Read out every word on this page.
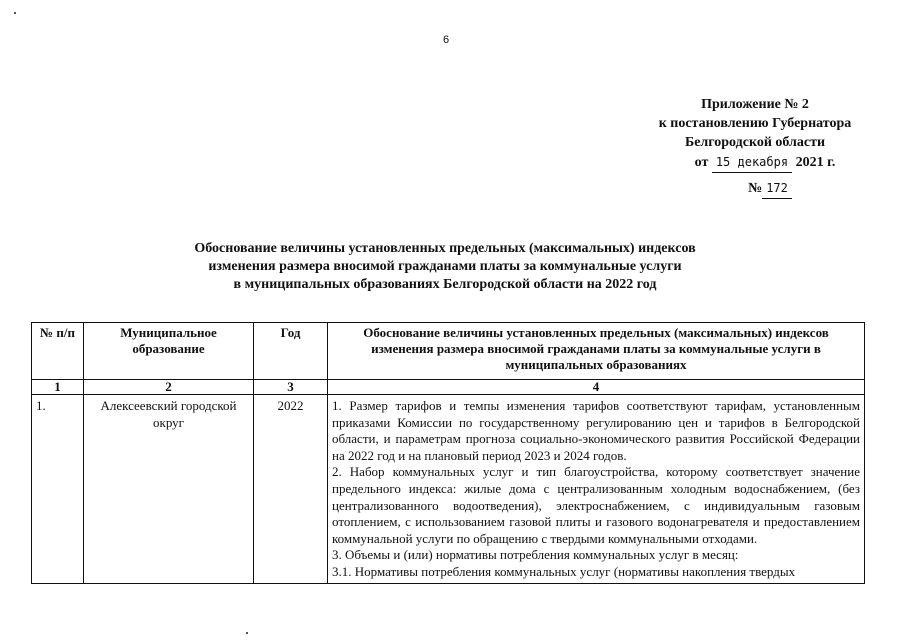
6
Приложение № 2
к постановлению Губернатора
Белгородской области
от 15 декабря 2021 г.
№ 172
Обоснование величины установленных предельных (максимальных) индексов
изменения размера вносимой гражданами платы за коммунальные услуги
в муниципальных образованиях Белгородской области на 2022 год
№ п/п	Муниципальное образование	Год	Обоснование величины установленных предельных (максимальных) индексов изменения размера вносимой гражданами платы за коммунальные услуги в муниципальных образованиях
1	2	3	4
1.	Алексеевский городской округ	2022	1. Размер тарифов и темпы изменения тарифов соответствуют тарифам, установленным приказами Комиссии по государственному регулированию цен и тарифов в Белгородской области, и параметрам прогноза социально-экономического развития Российской Федерации на 2022 год и на плановый период 2023 и 2024 годов.

2. Набор коммунальных услуг и тип благоустройства, которому соответствует значение предельного индекса: жилые дома с централизованным холодным водоснабжением, (без централизованного водоотведения), электроснабжением, с индивидуальным газовым отоплением, с использованием газовой плиты и газового водонагревателя и предоставлением коммунальной услуги по обращению с твердыми коммунальными отходами.

3. Объемы и (или) нормативы потребления коммунальных услуг в месяц:

3.1. Нормативы потребления коммунальных услуг (нормативы накопления твердых
